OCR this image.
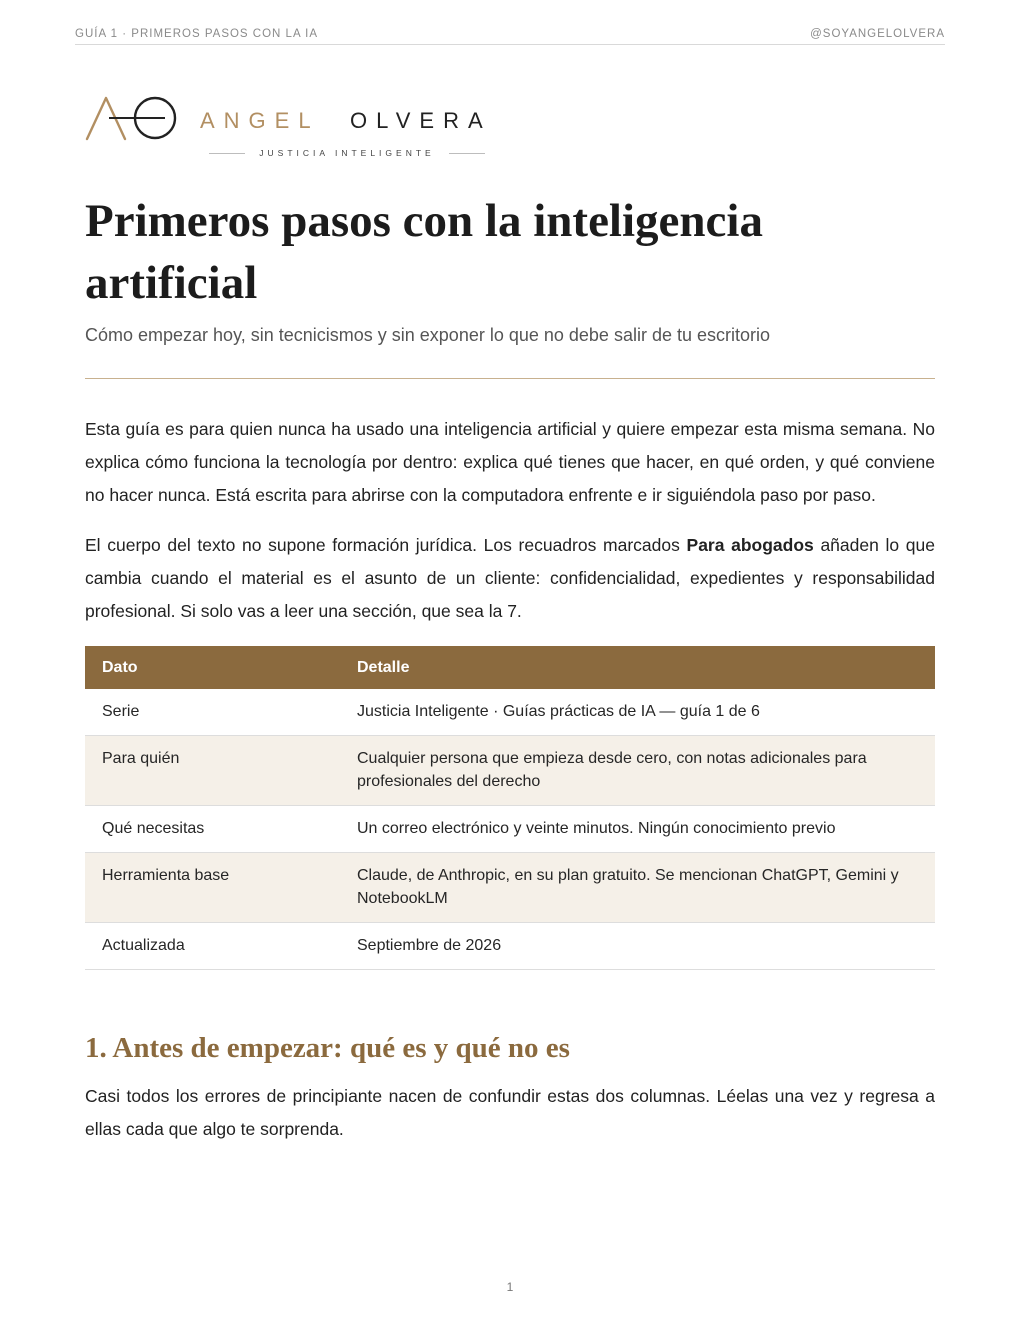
GUÍA 1 · PRIMEROS PASOS CON LA IA	@SOYANGELOLVERA
ANGEL OLVERA
JUSTICIA INTELIGENTE
Primeros pasos con la inteligencia artificial

Cómo empezar hoy, sin tecnicismos y sin exponer lo que no debe salir de tu escritorio

Esta guía es para quien nunca ha usado una inteligencia artificial y quiere empezar esta misma semana. No explica cómo funciona la tecnología por dentro: explica qué tienes que hacer, en qué orden, y qué conviene no hacer nunca. Está escrita para abrirse con la computadora enfrente e ir siguiéndola paso por paso.

El cuerpo del texto no supone formación jurídica. Los recuadros marcados Para abogados añaden lo que cambia cuando el material es el asunto de un cliente: confidencialidad, expedientes y responsabilidad profesional. Si solo vas a leer una sección, que sea la 7.

Dato	Detalle
Serie	Justicia Inteligente · Guías prácticas de IA — guía 1 de 6
Para quién	Cualquier persona que empieza desde cero, con notas adicionales para profesionales del derecho
Qué necesitas	Un correo electrónico y veinte minutos. Ningún conocimiento previo
Herramienta base	Claude, de Anthropic, en su plan gratuito. Se mencionan ChatGPT, Gemini y NotebookLM
Actualizada	Septiembre de 2026
1. Antes de empezar: qué es y qué no es

Casi todos los errores de principiante nacen de confundir estas dos columnas. Léelas una vez y regresa a ellas cada que algo te sorprenda.

1
